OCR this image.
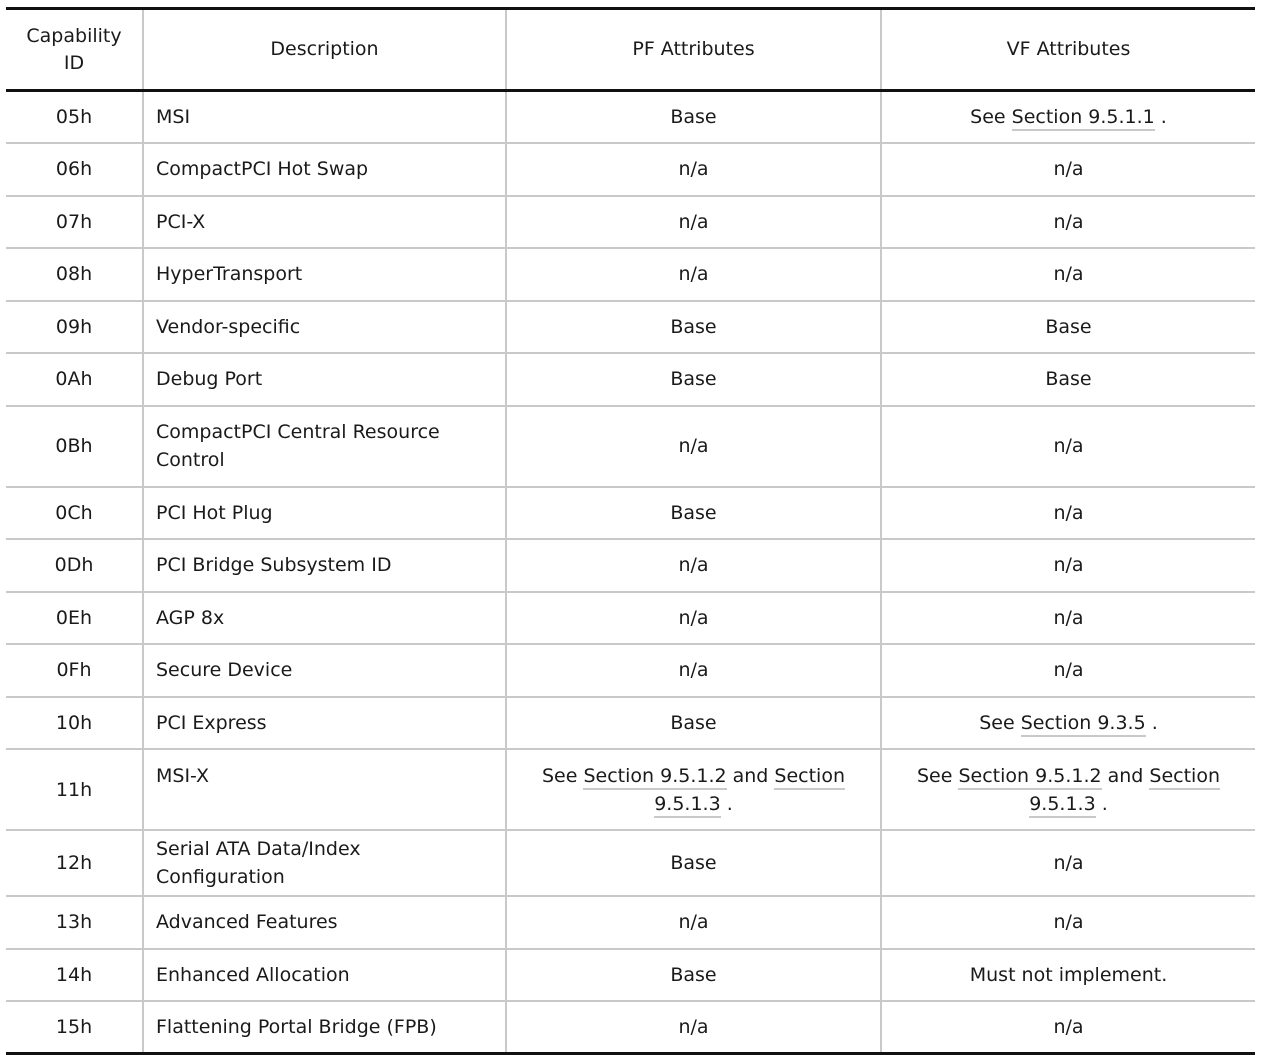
Capability ID	Description	PF Attributes	VF Attributes
05h	MSI	Base	See Section 9.5.1.1 .
06h	CompactPCI Hot Swap	n/a	n/a
07h	PCI-X	n/a	n/a
08h	HyperTransport	n/a	n/a
09h	Vendor-specific	Base	Base
0Ah	Debug Port	Base	Base
0Bh	CompactPCI Central Resource Control	n/a	n/a
0Ch	PCI Hot Plug	Base	n/a
0Dh	PCI Bridge Subsystem ID	n/a	n/a
0Eh	AGP 8x	n/a	n/a
0Fh	Secure Device	n/a	n/a
10h	PCI Express	Base	See Section 9.3.5 .
11h	MSI-X	See Section 9.5.1.2 and Section 9.5.1.3 .	See Section 9.5.1.2 and Section 9.5.1.3 .
12h	Serial ATA Data/Index Configuration	Base	n/a
13h	Advanced Features	n/a	n/a
14h	Enhanced Allocation	Base	Must not implement.
15h	Flattening Portal Bridge (FPB)	n/a	n/a
